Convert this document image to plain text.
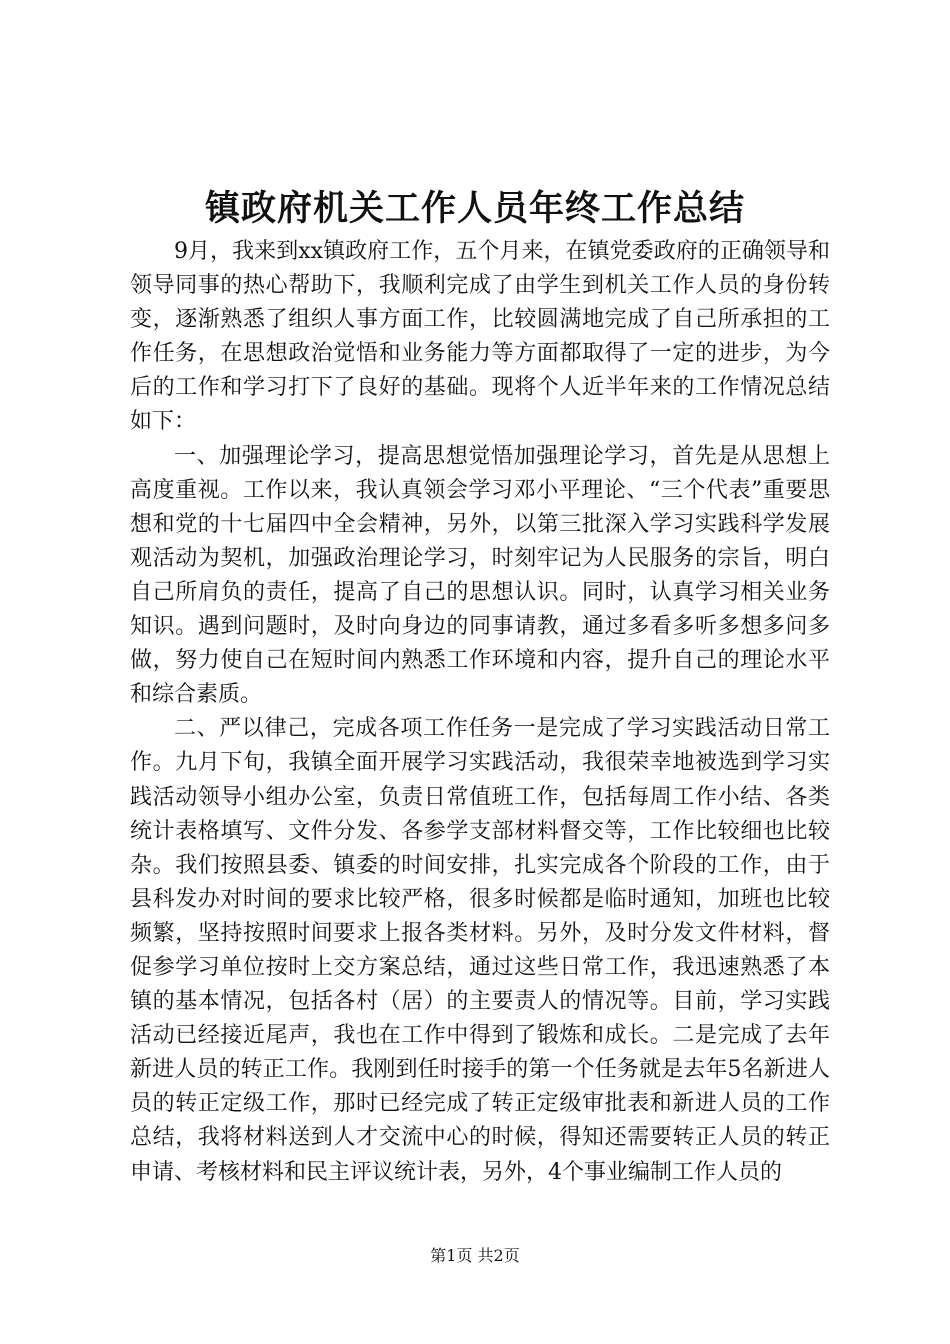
镇政府机关工作人员年终工作总结

9月，我来到xx镇政府工作，五个月来，在镇党委政府的正确领导和领导同事的热心帮助下，我顺利完成了由学生到机关工作人员的身份转变，逐渐熟悉了组织人事方面工作，比较圆满地完成了自己所承担的工作任务，在思想政治觉悟和业务能力等方面都取得了一定的进步，为今后的工作和学习打下了良好的基础。现将个人近半年来的工作情况总结如下：

一、加强理论学习，提高思想觉悟加强理论学习，首先是从思想上高度重视。工作以来，我认真领会学习邓小平理论、“三个代表”重要思想和党的十七届四中全会精神，另外，以第三批深入学习实践科学发展观活动为契机，加强政治理论学习，时刻牢记为人民服务的宗旨，明白自己所肩负的责任，提高了自己的思想认识。同时，认真学习相关业务知识。遇到问题时，及时向身边的同事请教，通过多看多听多想多问多做，努力使自己在短时间内熟悉工作环境和内容，提升自己的理论水平和综合素质。

二、严以律己，完成各项工作任务一是完成了学习实践活动日常工作。九月下旬，我镇全面开展学习实践活动，我很荣幸地被选到学习实践活动领导小组办公室，负责日常值班工作，包括每周工作小结、各类统计表格填写、文件分发、各参学支部材料督交等，工作比较细也比较杂。我们按照县委、镇委的时间安排，扎实完成各个阶段的工作，由于县科发办对时间的要求比较严格，很多时候都是临时通知，加班也比较频繁，坚持按照时间要求上报各类材料。另外，及时分发文件材料，督促参学习单位按时上交方案总结，通过这些日常工作，我迅速熟悉了本镇的基本情况，包括各村（居）的主要责人的情况等。目前，学习实践活动已经接近尾声，我也在工作中得到了锻炼和成长。二是完成了去年新进人员的转正工作。我刚到任时接手的第一个任务就是去年5名新进人员的转正定级工作，那时已经完成了转正定级审批表和新进人员的工作总结，我将材料送到人才交流中心的时候，得知还需要转正人员的转正申请、考核材料和民主评议统计表，另外，4个事业编制工作人员的

第1页 共2页
